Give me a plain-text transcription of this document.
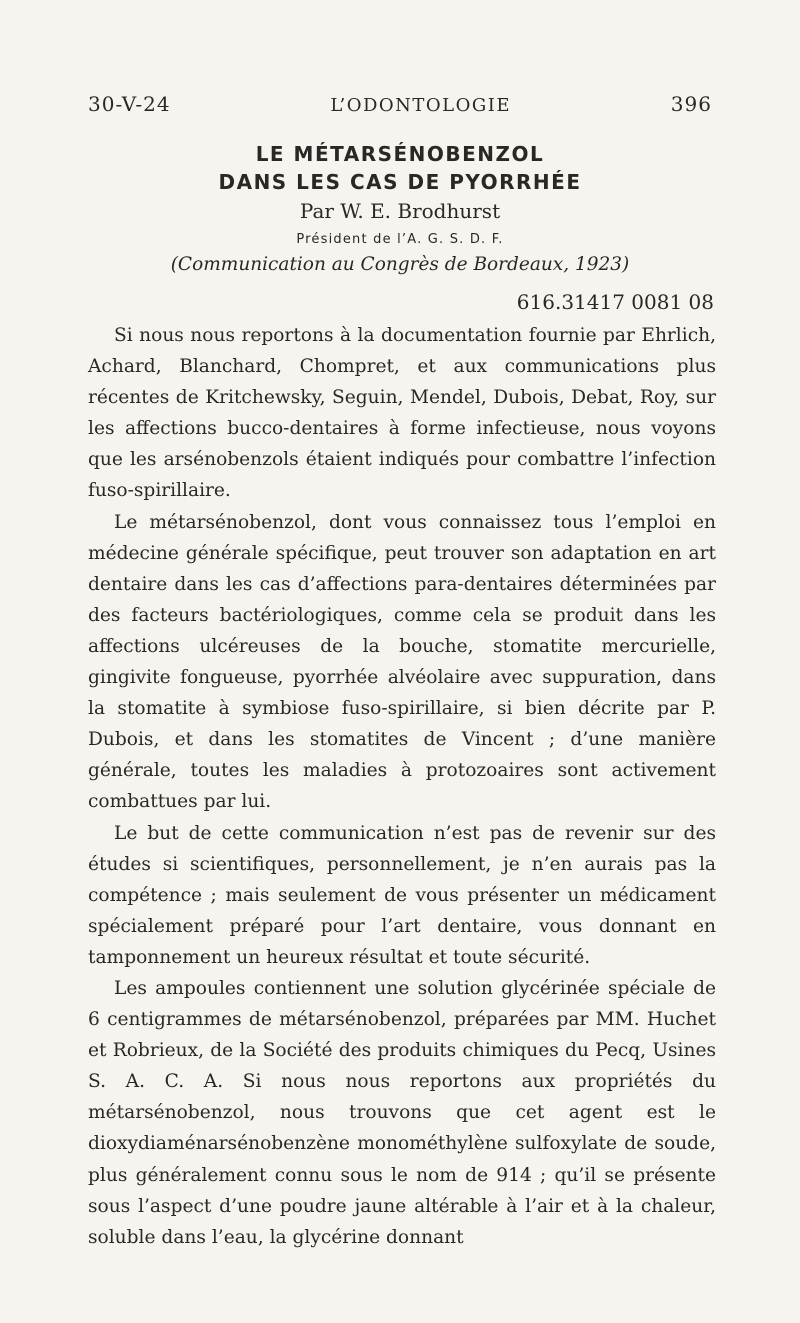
30-V-24	L’ODONTOLOGIE	396
LE MÉTARSÉNOBENZOL
DANS LES CAS DE PYORRHÉE
Par W. E. Brodhurst
Président de l’A. G. S. D. F.
(Communication au Congrès de Bordeaux, 1923)
616.31417 0081 08

Si nous nous reportons à la documentation fournie par Ehrlich, Achard, Blanchard, Chompret, et aux communications plus récentes de Kritchewsky, Seguin, Mendel, Dubois, Debat, Roy, sur les affections bucco-dentaires à forme infectieuse, nous voyons que les arsénobenzols étaient indiqués pour combattre l’infection fuso-spirillaire.

Le métarsénobenzol, dont vous connaissez tous l’emploi en médecine générale spécifique, peut trouver son adaptation en art dentaire dans les cas d’affections para-dentaires déterminées par des facteurs bactériologiques, comme cela se produit dans les affections ulcéreuses de la bouche, stomatite mercurielle, gingivite fongueuse, pyorrhée alvéolaire avec suppuration, dans la stomatite à symbiose fuso-spirillaire, si bien décrite par P. Dubois, et dans les stomatites de Vincent ; d’une manière générale, toutes les maladies à protozoaires sont activement combattues par lui.

Le but de cette communication n’est pas de revenir sur des études si scientifiques, personnellement, je n’en aurais pas la compétence ; mais seulement de vous présenter un médicament spécialement préparé pour l’art dentaire, vous donnant en tamponnement un heureux résultat et toute sécurité.

Les ampoules contiennent une solution glycérinée spéciale de 6 centigrammes de métarsénobenzol, préparées par MM. Huchet et Robrieux, de la Société des produits chimiques du Pecq, Usines S. A. C. A. Si nous nous reportons aux propriétés du métarsénobenzol, nous trouvons que cet agent est le dioxydiaménarsénobenzène monométhylène sulfoxylate de soude, plus généralement connu sous le nom de 914 ; qu’il se présente sous l’aspect d’une poudre jaune altérable à l’air et à la chaleur, soluble dans l’eau, la glycérine donnant
